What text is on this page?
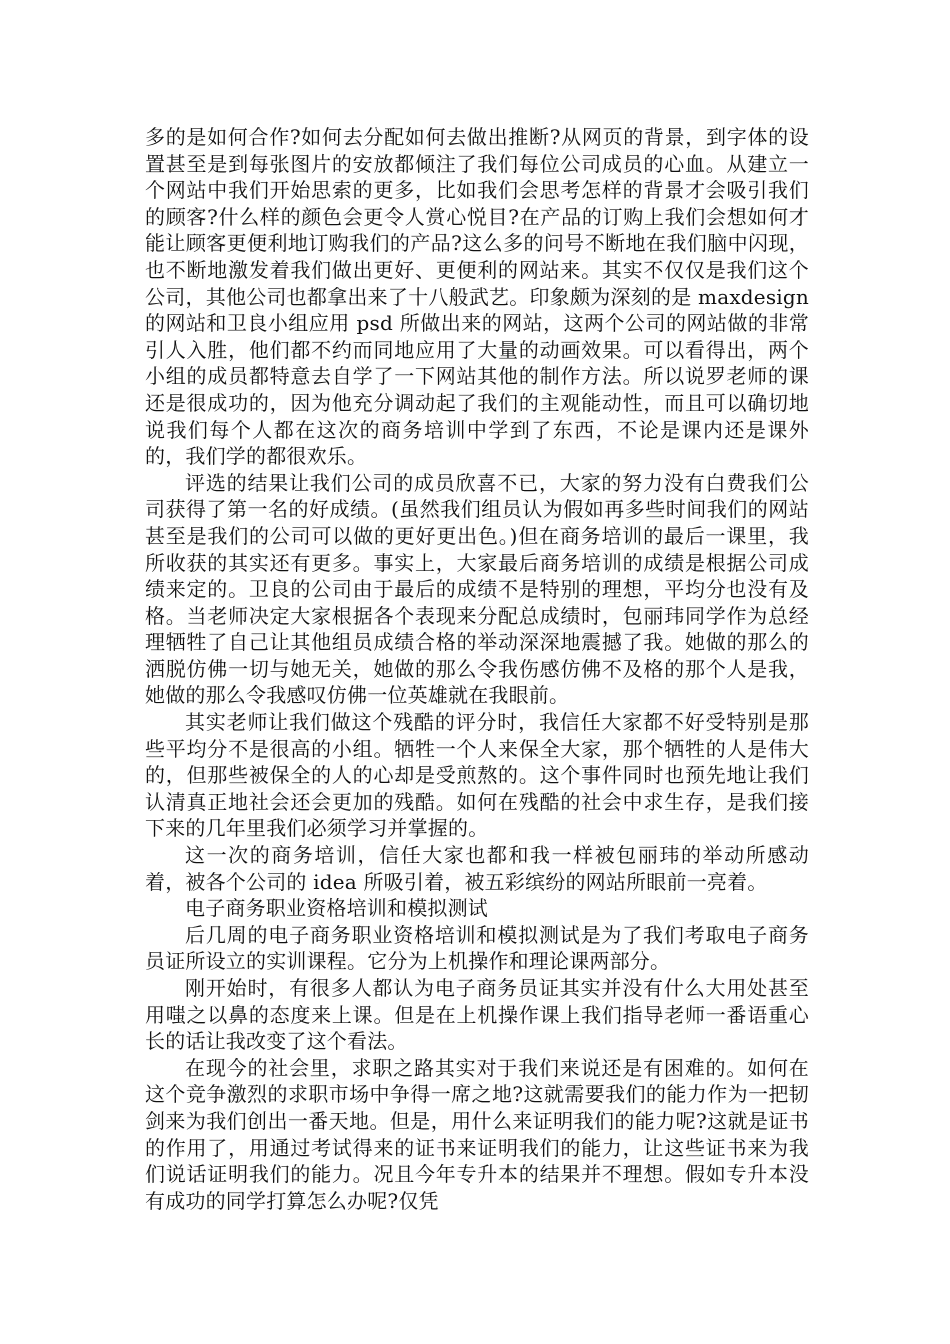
多的是如何合作?如何去分配如何去做出推断?从网页的背景，到字体的设置甚至是到每张图片的安放都倾注了我们每位公司成员的心血。从建立一个网站中我们开始思索的更多，比如我们会思考怎样的背景才会吸引我们的顾客?什么样的颜色会更令人赏心悦目?在产品的订购上我们会想如何才能让顾客更便利地订购我们的产品?这么多的问号不断地在我们脑中闪现，也不断地激发着我们做出更好、更便利的网站来。其实不仅仅是我们这个公司，其他公司也都拿出来了十八般武艺。印象颇为深刻的是 maxdesign 的网站和卫良小组应用 psd 所做出来的网站，这两个公司的网站做的非常引人入胜，他们都不约而同地应用了大量的动画效果。可以看得出，两个小组的成员都特意去自学了一下网站其他的制作方法。所以说罗老师的课还是很成功的，因为他充分调动起了我们的主观能动性，而且可以确切地说我们每个人都在这次的商务培训中学到了东西，不论是课内还是课外的，我们学的都很欢乐。

评选的结果让我们公司的成员欣喜不已，大家的努力没有白费我们公司获得了第一名的好成绩。(虽然我们组员认为假如再多些时间我们的网站甚至是我们的公司可以做的更好更出色。)但在商务培训的最后一课里，我所收获的其实还有更多。事实上，大家最后商务培训的成绩是根据公司成绩来定的。卫良的公司由于最后的成绩不是特别的理想，平均分也没有及格。当老师决定大家根据各个表现来分配总成绩时，包丽玮同学作为总经理牺牲了自己让其他组员成绩合格的举动深深地震撼了我。她做的那么的洒脱仿佛一切与她无关，她做的那么令我伤感仿佛不及格的那个人是我，她做的那么令我感叹仿佛一位英雄就在我眼前。

其实老师让我们做这个残酷的评分时，我信任大家都不好受特别是那些平均分不是很高的小组。牺牲一个人来保全大家，那个牺牲的人是伟大的，但那些被保全的人的心却是受煎熬的。这个事件同时也预先地让我们认清真正地社会还会更加的残酷。如何在残酷的社会中求生存，是我们接下来的几年里我们必须学习并掌握的。

这一次的商务培训，信任大家也都和我一样被包丽玮的举动所感动着，被各个公司的 idea 所吸引着，被五彩缤纷的网站所眼前一亮着。

电子商务职业资格培训和模拟测试

后几周的电子商务职业资格培训和模拟测试是为了我们考取电子商务员证所设立的实训课程。它分为上机操作和理论课两部分。

刚开始时，有很多人都认为电子商务员证其实并没有什么大用处甚至用嗤之以鼻的态度来上课。但是在上机操作课上我们指导老师一番语重心长的话让我改变了这个看法。

在现今的社会里，求职之路其实对于我们来说还是有困难的。如何在这个竞争激烈的求职市场中争得一席之地?这就需要我们的能力作为一把韧剑来为我们创出一番天地。但是，用什么来证明我们的能力呢?这就是证书的作用了，用通过考试得来的证书来证明我们的能力，让这些证书来为我们说话证明我们的能力。况且今年专升本的结果并不理想。假如专升本没有成功的同学打算怎么办呢?仅凭
